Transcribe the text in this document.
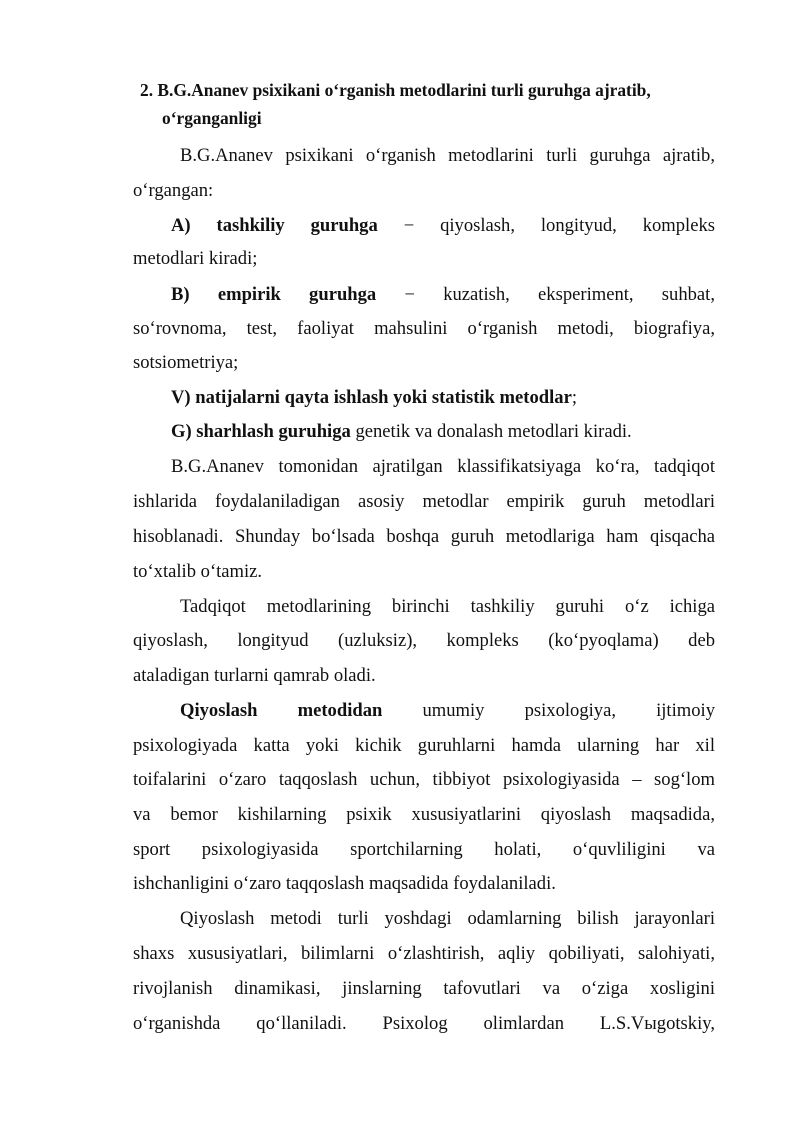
2. B.G.Ananev psixikani o‘rganish metodlarini turli guruhga ajratib,
o‘rganganligi
B.G.Ananev psixikani o‘rganish metodlarini turli guruhga ajratib,
o‘rgangan:
A) tashkiliy guruhga − qiyoslash, longityud, kompleks
metodlari kiradi;
B) empirik guruhga − kuzatish, eksperiment, suhbat,
so‘rovnoma, test, faoliyat mahsulini o‘rganish metodi, biografiya,
sotsiometriya;
V) natijalarni qayta ishlash yoki statistik metodlar;
G) sharhlash guruhiga genetik va donalash metodlari kiradi.
B.G.Ananev tomonidan ajratilgan klassifikatsiyaga ko‘ra, tadqiqot
ishlarida foydalaniladigan asosiy metodlar empirik guruh metodlari
hisoblanadi. Shunday bo‘lsada boshqa guruh metodlariga ham qisqacha
to‘xtalib o‘tamiz.
Tadqiqot metodlarining birinchi tashkiliy guruhi o‘z ichiga
qiyoslash, longityud (uzluksiz), kompleks (ko‘pyoqlama) deb
ataladigan turlarni qamrab oladi.
Qiyoslash metodidan umumiy psixologiya, ijtimoiy
psixologiyada katta yoki kichik guruhlarni hamda ularning har xil
toifalarini o‘zaro taqqoslash uchun, tibbiyot psixologiyasida – sog‘lom
va bemor kishilarning psixik xususiyatlarini qiyoslash maqsadida,
sport psixologiyasida sportchilarning holati, o‘quvliligini va
ishchanligini o‘zaro taqqoslash maqsadida foydalaniladi.
Qiyoslash metodi turli yoshdagi odamlarning bilish jarayonlari
shaxs xususiyatlari, bilimlarni o‘zlashtirish, aqliy qobiliyati, salohiyati,
rivojlanish dinamikasi, jinslarning tafovutlari va o‘ziga xosligini
o‘rganishda qo‘llaniladi. Psixolog olimlardan L.S.Vыgotskiy,
